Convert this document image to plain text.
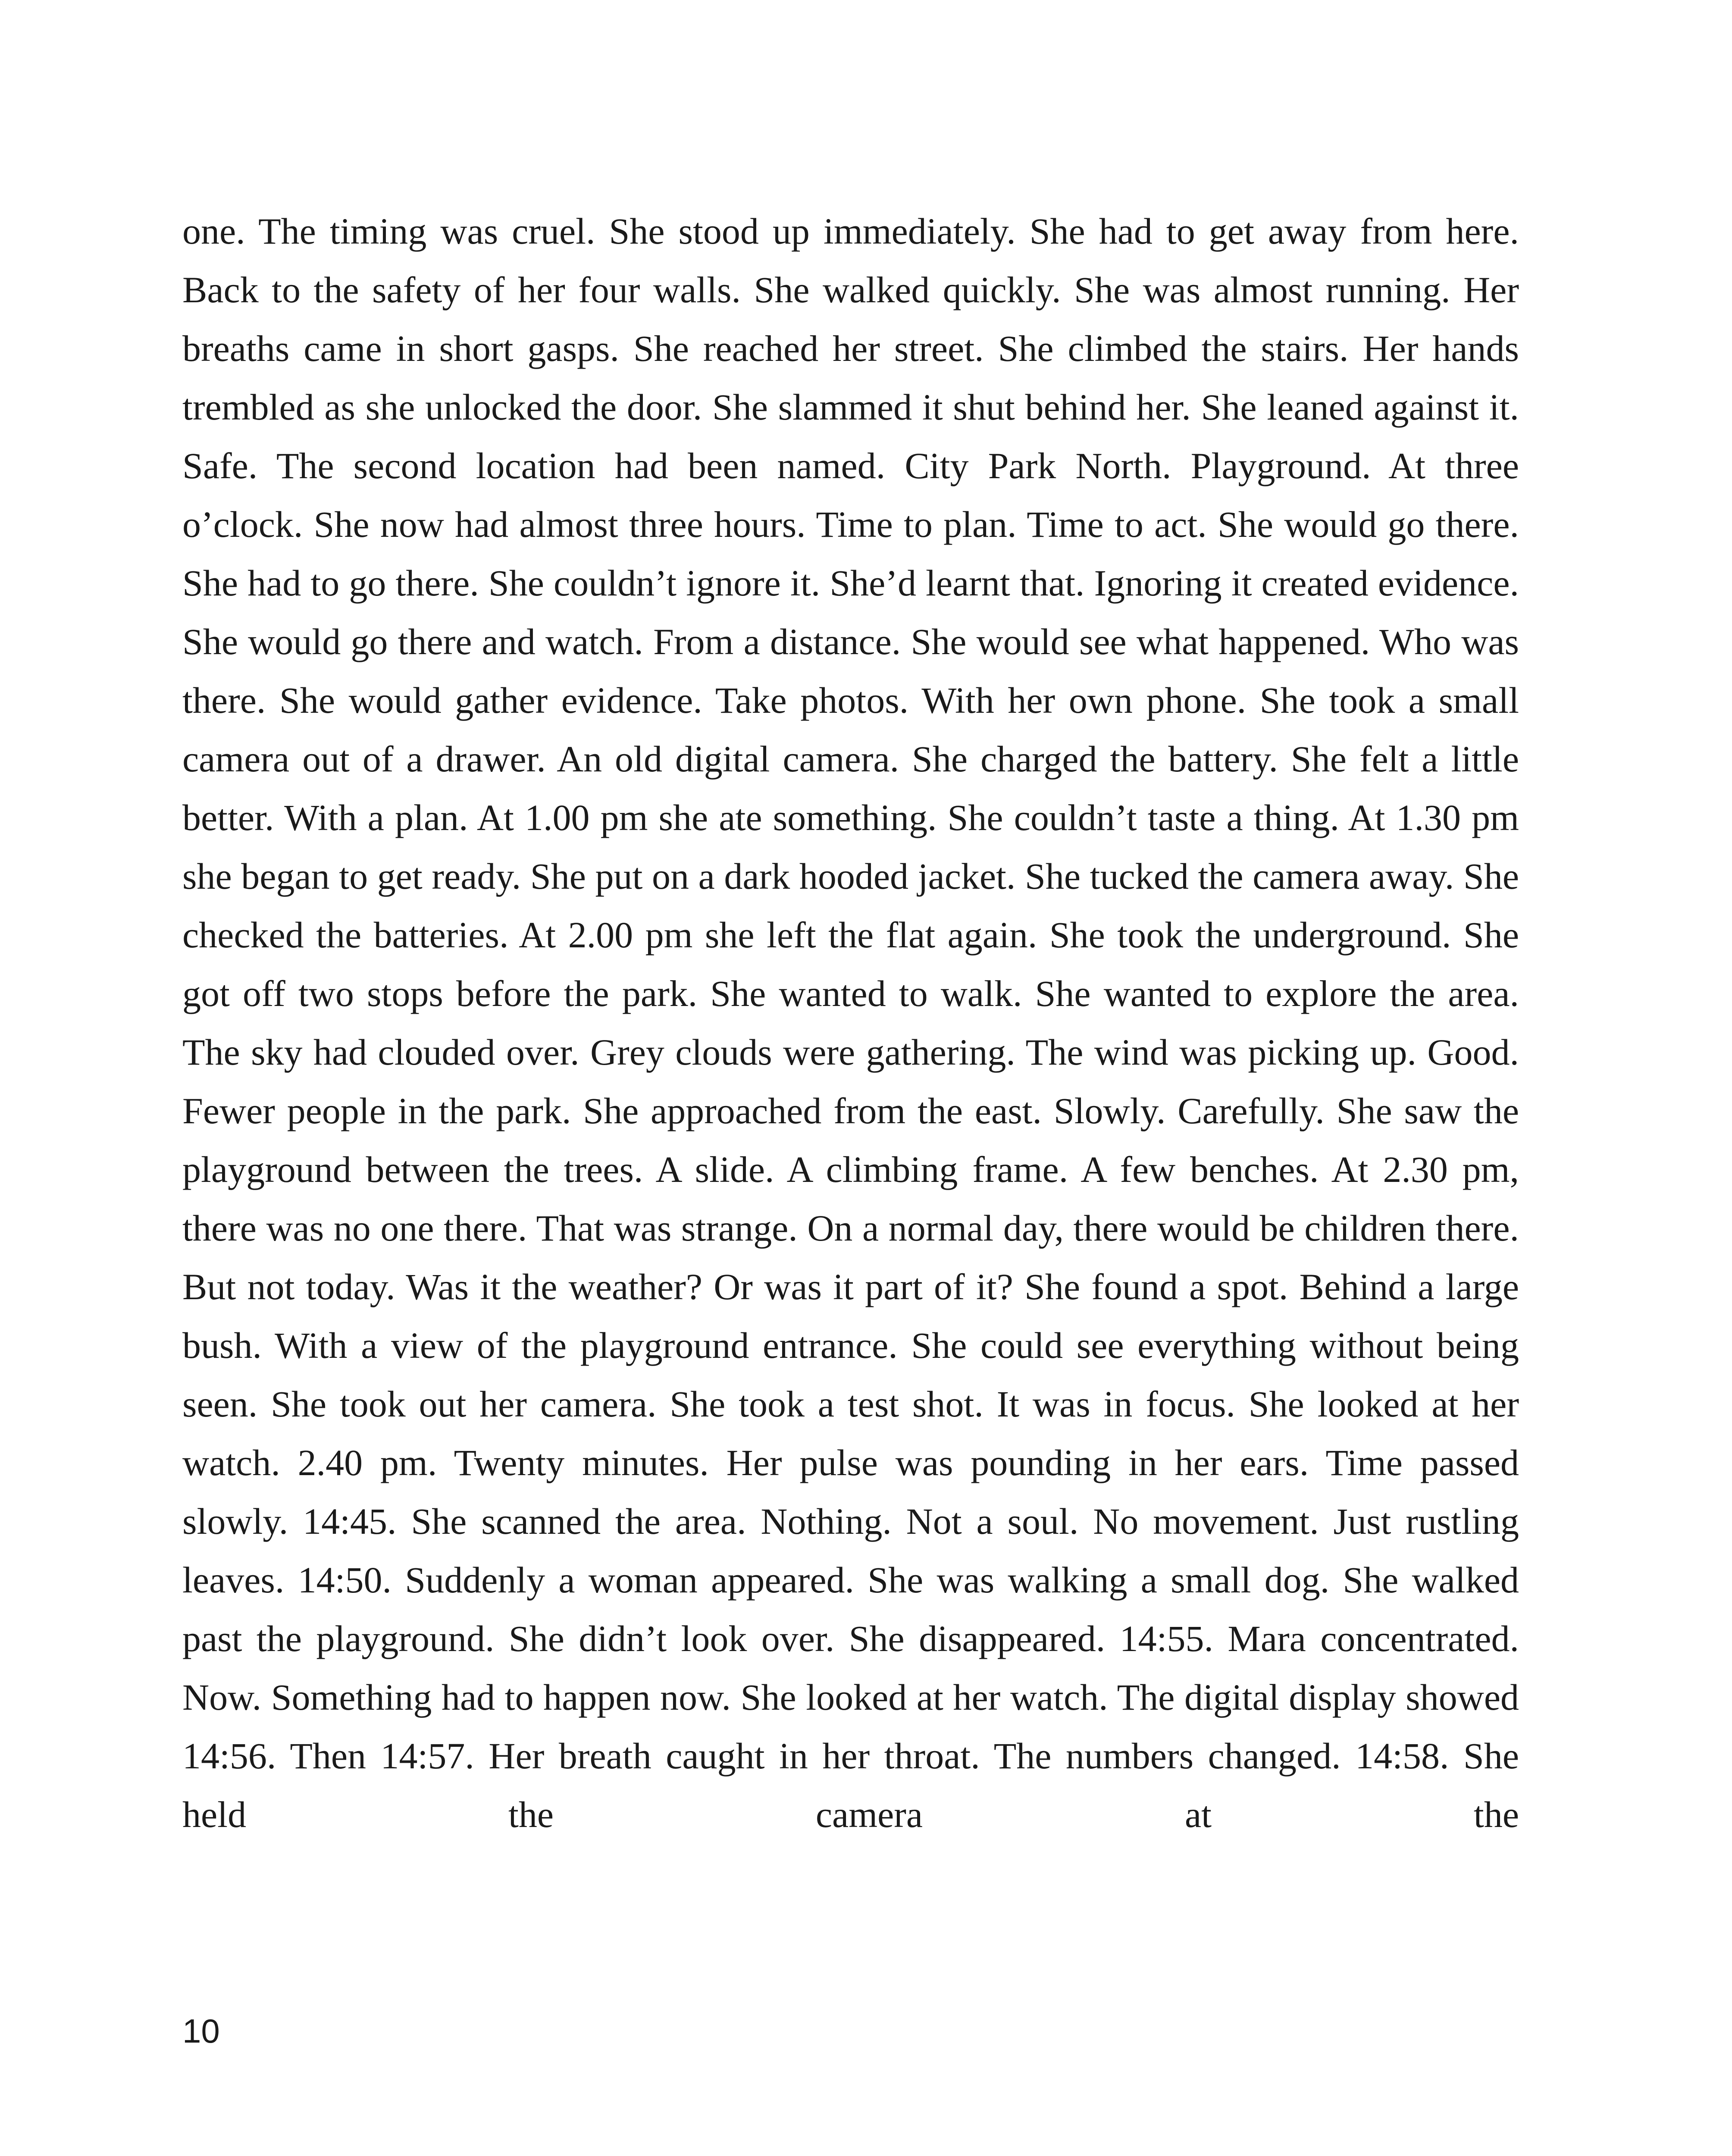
one. The timing was cruel. She stood up immediately. She had to get away from here. Back to the safety of her four walls. She walked quickly. She was almost running. Her breaths came in short gasps. She reached her street. She climbed the stairs. Her hands trembled as she unlocked the door. She slammed it shut behind her. She leaned against it. Safe. The second location had been named. City Park North. Playground. At three o’clock. She now had almost three hours. Time to plan. Time to act. She would go there. She had to go there. She couldn’t ignore it. She’d learnt that. Ignoring it created evidence. She would go there and watch. From a distance. She would see what happened. Who was there. She would gather evidence. Take photos. With her own phone. She took a small camera out of a drawer. An old digital camera. She charged the battery. She felt a little better. With a plan. At 1.00 pm she ate something. She couldn’t taste a thing. At 1.30 pm she began to get ready. She put on a dark hooded jacket. She tucked the camera away. She checked the batteries. At 2.00 pm she left the flat again. She took the underground. She got off two stops before the park. She wanted to walk. She wanted to explore the area. The sky had clouded over. Grey clouds were gathering. The wind was picking up. Good. Fewer people in the park. She approached from the east. Slowly. Carefully. She saw the playground between the trees. A slide. A climbing frame. A few benches. At 2.30 pm, there was no one there. That was strange. On a normal day, there would be children there. But not today. Was it the weather? Or was it part of it? She found a spot. Behind a large bush. With a view of the playground entrance. She could see everything without being seen. She took out her camera. She took a test shot. It was in focus. She looked at her watch. 2.40 pm. Twenty minutes. Her pulse was pounding in her ears. Time passed slowly. 14:45. She scanned the area. Nothing. Not a soul. No movement. Just rustling leaves. 14:50. Suddenly a woman appeared. She was walking a small dog. She walked past the playground. She didn’t look over. She disappeared. 14:55. Mara concentrated. Now. Something had to happen now. She looked at her watch. The digital display showed 14:56. Then 14:57. Her breath caught in her throat. The numbers changed. 14:58. She held the camera at the

10
